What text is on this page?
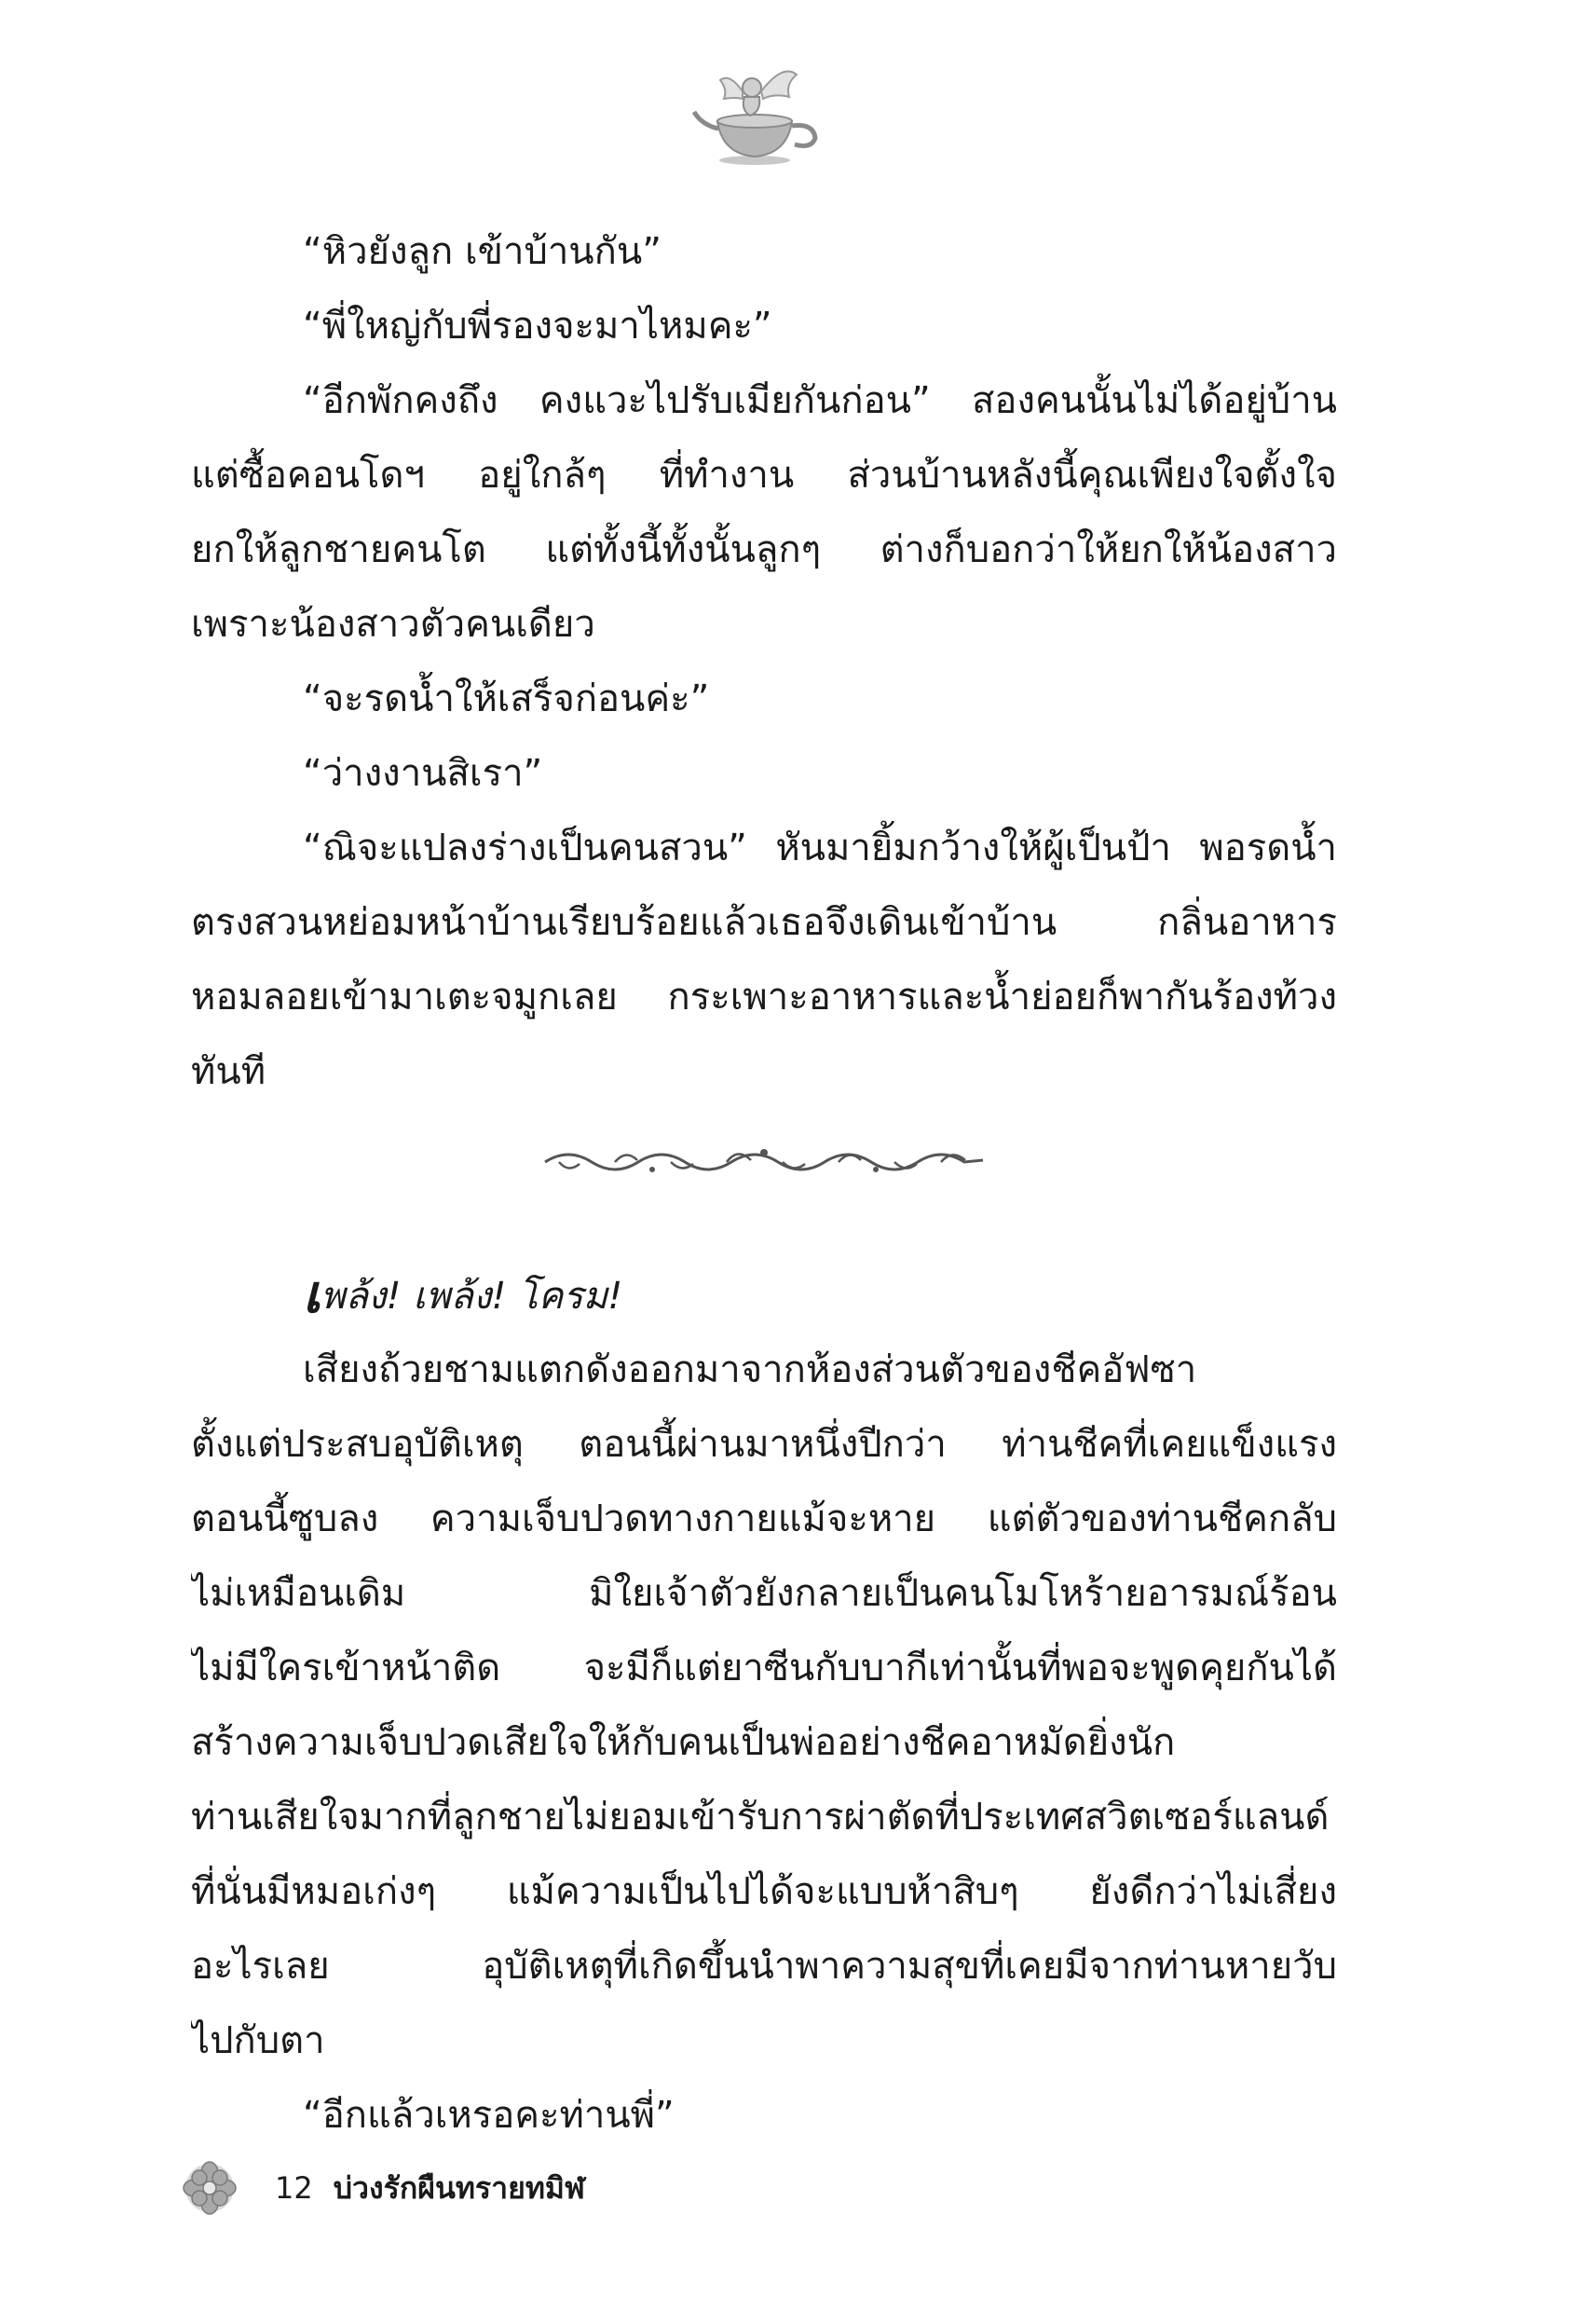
“หิวยังลูก เข้าบ้านกัน”

“พี่ใหญ่กับพี่รองจะมาไหมคะ”

“อีกพักคงถึง คงแวะไปรับเมียกันก่อน” สองคนนั้นไม่ได้อยู่บ้าน

แต่ซื้อคอนโดฯ อยู่ใกล้ๆ ที่ทำงาน ส่วนบ้านหลังนี้คุณเพียงใจตั้งใจ

ยกให้ลูกชายคนโต แต่ทั้งนี้ทั้งนั้นลูกๆ ต่างก็บอกว่าให้ยกให้น้องสาว

เพราะน้องสาวตัวคนเดียว

“จะรดน้ำให้เสร็จก่อนค่ะ”

“ว่างงานสิเรา”

“ณิจะแปลงร่างเป็นคนสวน” หันมายิ้มกว้างให้ผู้เป็นป้า พอรดน้ำ

ตรงสวนหย่อมหน้าบ้านเรียบร้อยแล้วเธอจึงเดินเข้าบ้าน กลิ่นอาหาร

หอมลอยเข้ามาเตะจมูกเลย กระเพาะอาหารและน้ำย่อยก็พากันร้องท้วง

ทันที

เพล้ง! เพล้ง! โครม!

เสียงถ้วยชามแตกดังออกมาจากห้องส่วนตัวของชีคอัฟซา

ตั้งแต่ประสบอุบัติเหตุ ตอนนี้ผ่านมาหนึ่งปีกว่า ท่านชีคที่เคยแข็งแรง

ตอนนี้ซูบลง ความเจ็บปวดทางกายแม้จะหาย แต่ตัวของท่านชีคกลับ

ไม่เหมือนเดิม มิใยเจ้าตัวยังกลายเป็นคนโมโหร้ายอารมณ์ร้อน

ไม่มีใครเข้าหน้าติด จะมีก็แต่ยาซีนกับบากีเท่านั้นที่พอจะพูดคุยกันได้

สร้างความเจ็บปวดเสียใจให้กับคนเป็นพ่ออย่างชีคอาหมัดยิ่งนัก

ท่านเสียใจมากที่ลูกชายไม่ยอมเข้ารับการผ่าตัดที่ประเทศสวิตเซอร์แลนด์

ที่นั่นมีหมอเก่งๆ แม้ความเป็นไปได้จะแบบห้าสิบๆ ยังดีกว่าไม่เสี่ยง

อะไรเลย อุบัติเหตุที่เกิดขึ้นนำพาความสุขที่เคยมีจากท่านหายวับ

ไปกับตา

“อีกแล้วเหรอคะท่านพี่”

12 บ่วงรักผืนทรายทมิฬ
